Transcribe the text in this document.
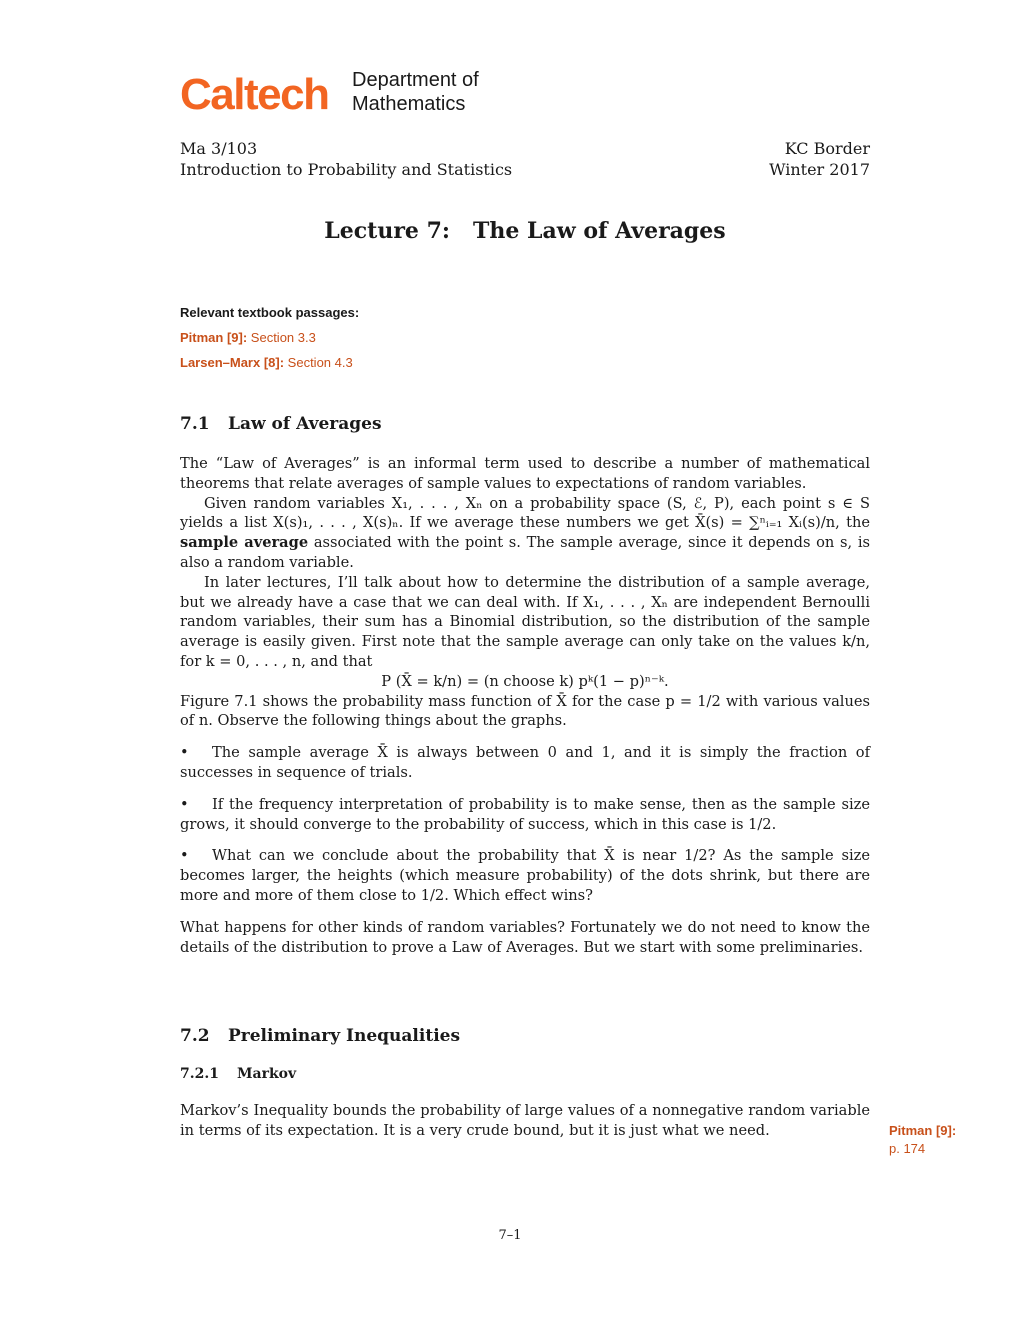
Caltech Department of
Mathematics
Ma 3/103
Introduction to Probability and Statistics
KC Border
Winter 2017
Lecture 7:   The Law of Averages
Relevant textbook passages:
Pitman [9]: Section 3.3
Larsen–Marx [8]: Section 4.3
7.1 Law of Averages

The “Law of Averages” is an informal term used to describe a number of mathematical theorems that relate averages of sample values to expectations of random variables.

Given random variables X₁, . . . , Xₙ on a probability space (S, ℰ, P), each point s ∈ S yields a list X(s)₁, . . . , X(s)ₙ. If we average these numbers we get X̄(s) = ∑ⁿᵢ₌₁ Xᵢ(s)/n, the sample average associated with the point s. The sample average, since it depends on s, is also a random variable.

In later lectures, I’ll talk about how to determine the distribution of a sample average, but we already have a case that we can deal with. If X₁, . . . , Xₙ are independent Bernoulli random variables, their sum has a Binomial distribution, so the distribution of the sample average is easily given. First note that the sample average can only take on the values k/n, for k = 0, . . . , n, and that

P (X̄ = k/n) = (n choose k) pᵏ(1 − p)ⁿ⁻ᵏ.

Figure 7.1 shows the probability mass function of X̄ for the case p = 1/2 with various values of n. Observe the following things about the graphs.

• The sample average X̄ is always between 0 and 1, and it is simply the fraction of successes in sequence of trials.

• If the frequency interpretation of probability is to make sense, then as the sample size grows, it should converge to the probability of success, which in this case is 1/2.

• What can we conclude about the probability that X̄ is near 1/2? As the sample size becomes larger, the heights (which measure probability) of the dots shrink, but there are more and more of them close to 1/2. Which effect wins?

What happens for other kinds of random variables? Fortunately we do not need to know the details of the distribution to prove a Law of Averages. But we start with some preliminaries.

7.2 Preliminary Inequalities
7.2.1 Markov

Markov’s Inequality bounds the probability of large values of a nonnegative random variable in terms of its expectation. It is a very crude bound, but it is just what we need.	Pitman [9]:
p. 174
7–1
